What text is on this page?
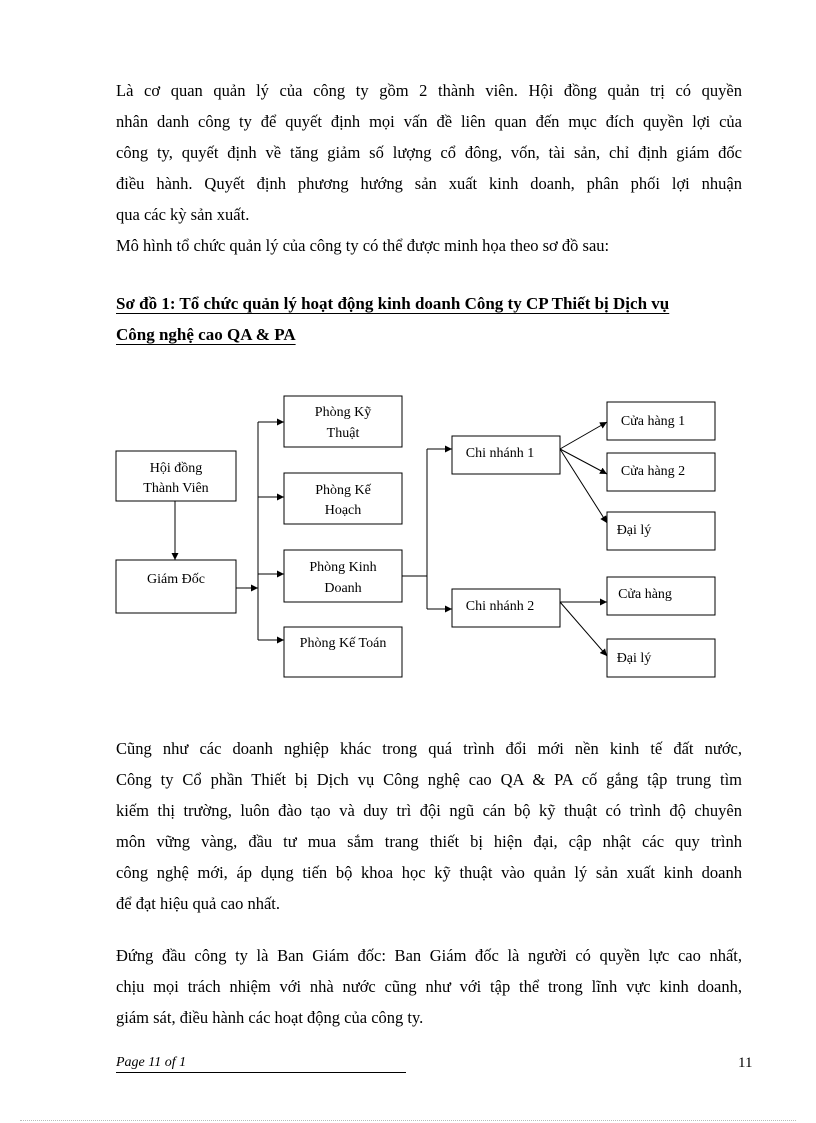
Là cơ quan quản lý của công ty gồm 2 thành viên. Hội đồng quản trị có quyền
nhân danh công ty để quyết định mọi vấn đề liên quan đến mục đích quyền lợi của
công ty, quyết định về tăng giảm số lượng cổ đông, vốn, tài sản, chỉ định giám đốc
điều hành. Quyết định phương hướng sản xuất kinh doanh, phân phối lợi nhuận
qua các kỳ sản xuất.
Mô hình tổ chức quản lý của công ty có thể được minh họa theo sơ đồ sau:
Sơ đồ 1: Tổ chức quản lý hoạt động kinh doanh Công ty CP Thiết bị Dịch vụ
Công nghệ cao QA & PA
Hội đồng
Thành Viên
Giám Đốc
Phòng Kỹ
Thuật
Phòng Kế
Hoạch
Phòng Kinh
Doanh
Phòng Kế Toán
Chi nhánh 1
Chi nhánh 2
Cửa hàng 1
Cửa hàng 2
Đại lý
Cửa hàng
Đại lý
Cũng như các doanh nghiệp khác trong quá trình đổi mới nền kinh tế đất nước,
Công ty Cổ phần Thiết bị Dịch vụ Công nghệ cao QA & PA cố gắng tập trung tìm
kiếm thị trường, luôn đào tạo và duy trì đội ngũ cán bộ kỹ thuật có trình độ chuyên
môn vững vàng, đầu tư mua sắm trang thiết bị hiện đại, cập nhật các quy trình
công nghệ mới, áp dụng tiến bộ khoa học kỹ thuật vào quản lý sản xuất kinh doanh
để đạt hiệu quả cao nhất.
Đứng đầu công ty là Ban Giám đốc: Ban Giám đốc là người có quyền lực cao nhất,
chịu mọi trách nhiệm với nhà nước cũng như với tập thể trong lĩnh vực kinh doanh,
giám sát, điều hành các hoạt động của công ty.
Page 11 of 1	11
